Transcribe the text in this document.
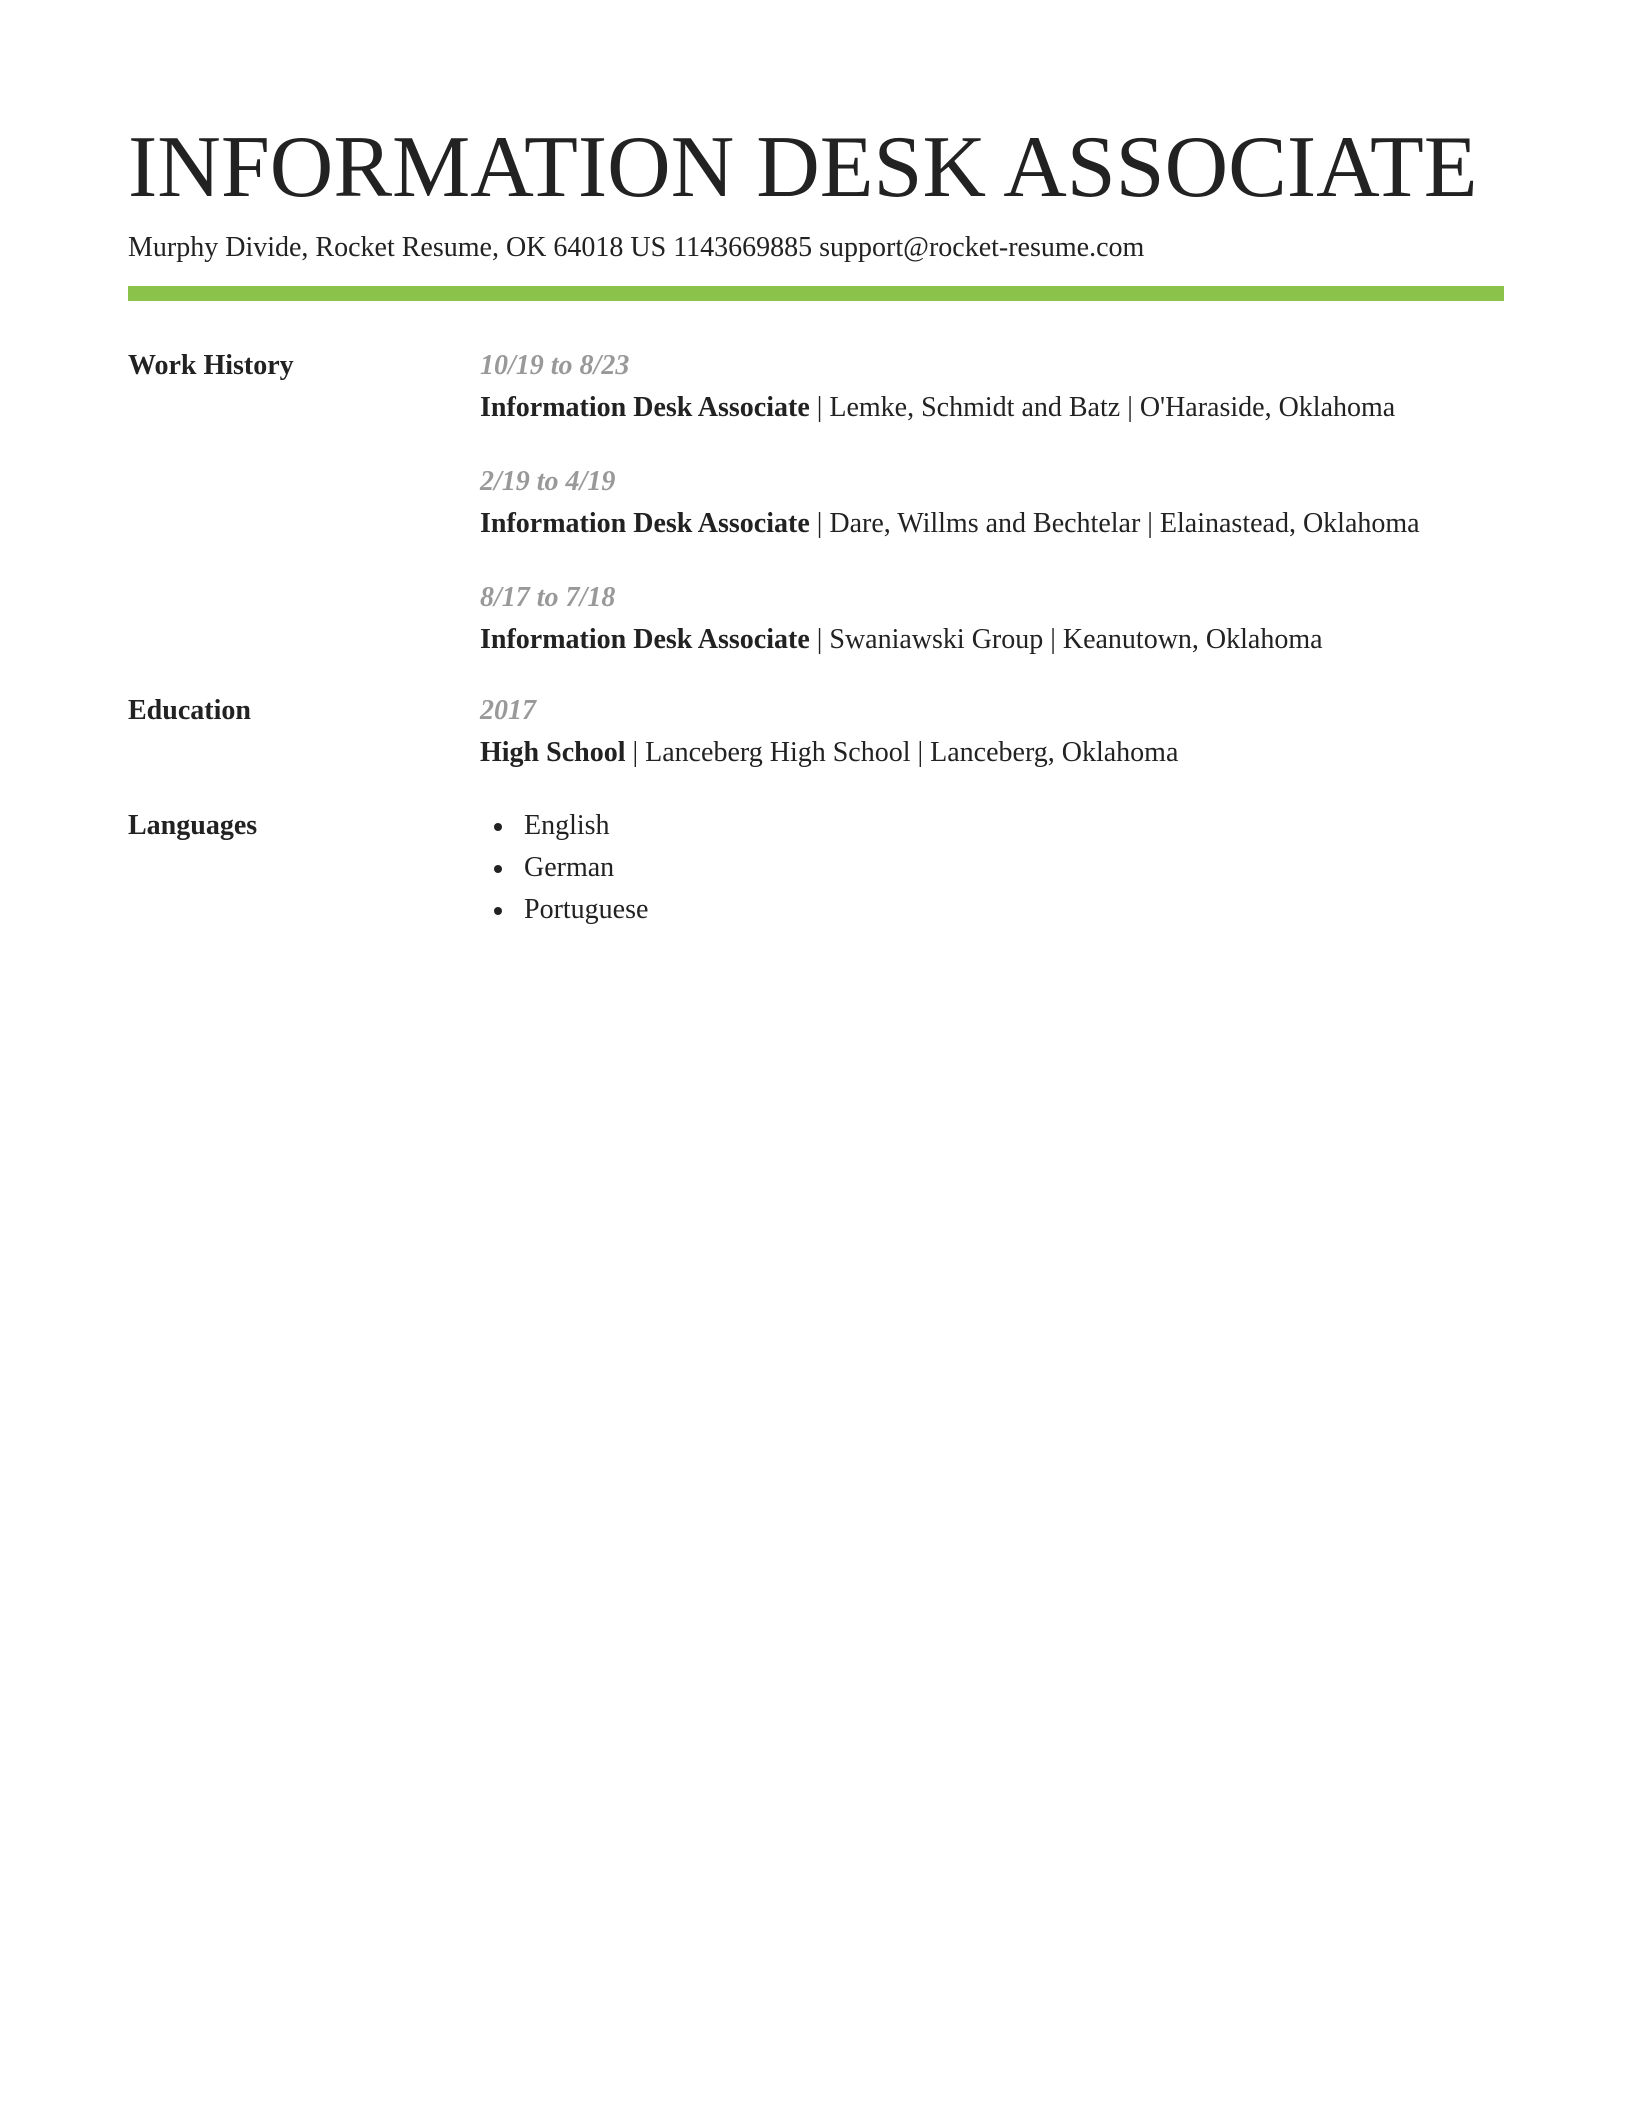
INFORMATION DESK ASSOCIATE
Murphy Divide, Rocket Resume, OK 64018 US 1143669885 support@rocket-resume.com
Work History	10/19 to 8/23
Information Desk Associate | Lemke, Schmidt and Batz | O'Haraside, Oklahoma
2/19 to 4/19
Information Desk Associate | Dare, Willms and Bechtelar | Elainastead, Oklahoma
8/17 to 7/18
Information Desk Associate | Swaniawski Group | Keanutown, Oklahoma
Education	2017
High School | Lanceberg High School | Lanceberg, Oklahoma
Languages	English
German
Portuguese
